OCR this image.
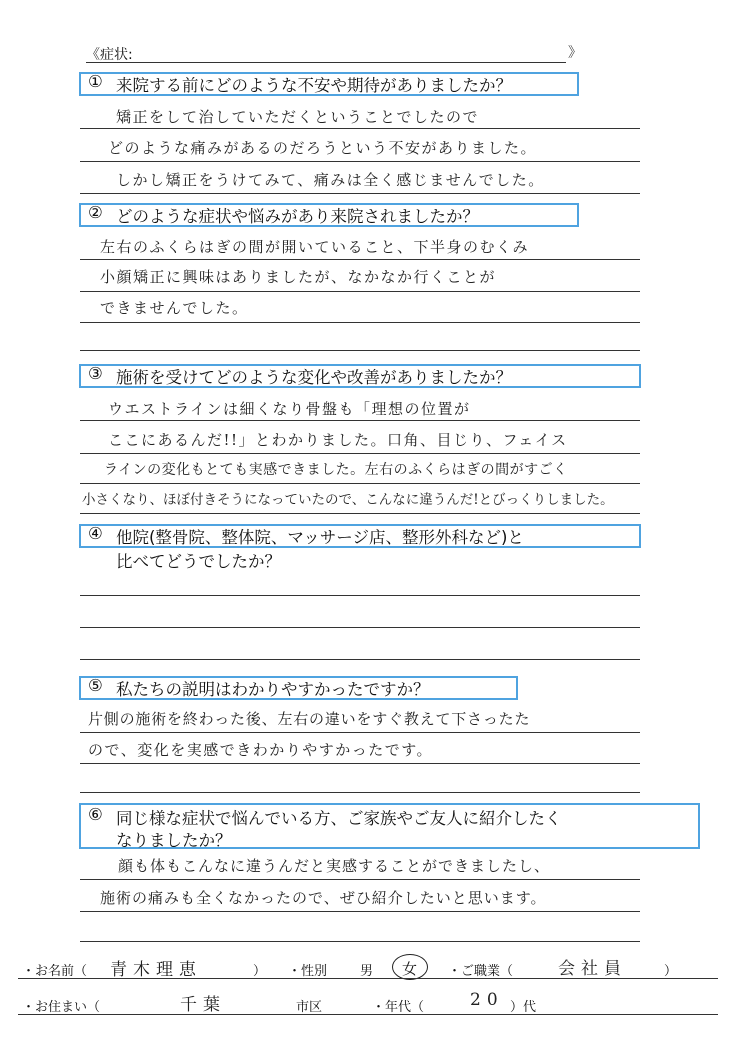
《症状:	》
① 来院する前にどのような不安や期待がありましたか？
矯正をして治していただくということでしたので
どのような痛みがあるのだろうという不安がありました。
しかし矯正をうけてみて、痛みは全く感じませんでした。
② どのような症状や悩みがあり来院されましたか？
左右のふくらはぎの間が開いていること、下半身のむくみ
小顔矯正に興味はありましたが、なかなか行くことが
できませんでした。
③ 施術を受けてどのような変化や改善がありましたか？
ウエストラインは細くなり骨盤も「理想の位置が
ここにあるんだ!!」とわかりました。口角、目じり、フェイス
ラインの変化もとても実感できました。左右のふくらはぎの間がすごく
小さくなり、ほぼ付きそうになっていたので、こんなに違うんだ!とびっくりしました。
④ 他院(整骨院、整体院、マッサージ店、整形外科など)と
比べてどうでしたか？
⑤ 私たちの説明はわかりやすかったですか？
片側の施術を終わった後、左右の違いをすぐ教えて下さったた
ので、変化を実感できわかりやすかったです。
⑥ 同じ様な症状で悩んでいる方、ご家族やご友人に紹介したく
なりましたか？
顔も体もこんなに違うんだと実感することができましたし、
施術の痛みも全くなかったので、ぜひ紹介したいと思います。
・お名前（ 青木理恵	） ・性別	男 女 ・ご職業（	会社員	）
・お住まい（	千葉	市区	・年代（	20 ）代
